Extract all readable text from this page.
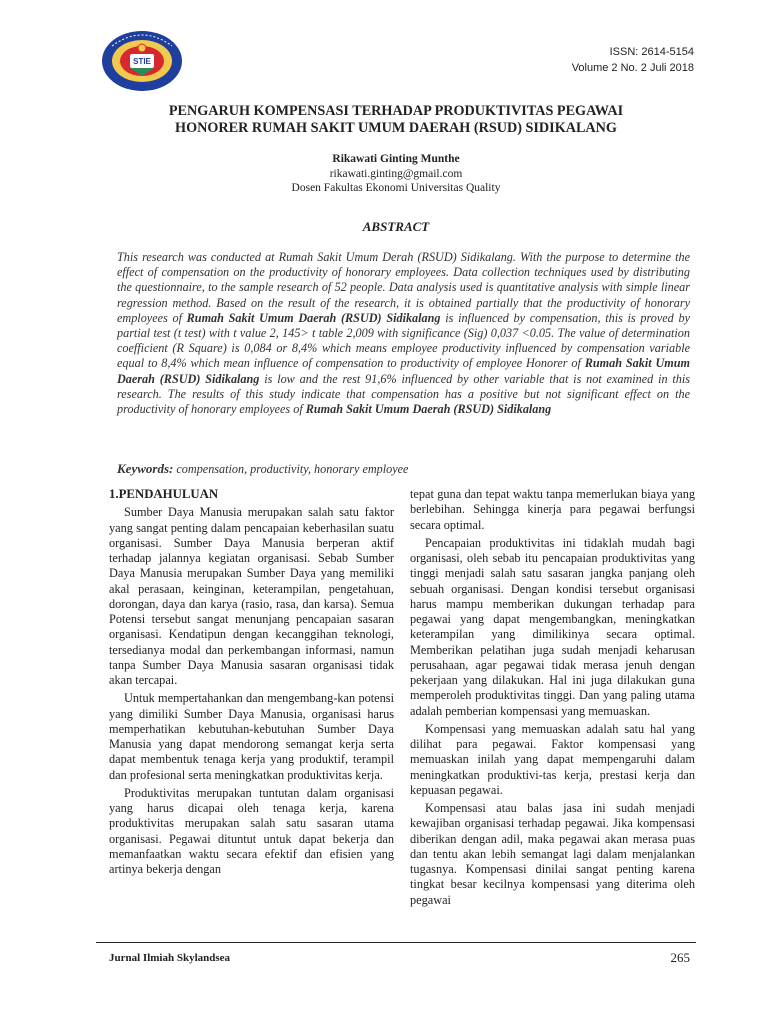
STIE
ISSN: 2614-5154
Volume 2 No. 2 Juli 2018
PENGARUH KOMPENSASI TERHADAP PRODUKTIVITAS PEGAWAI
HONORER RUMAH SAKIT UMUM DAERAH (RSUD) SIDIKALANG
Rikawati Ginting Munthe
rikawati.ginting@gmail.com
Dosen Fakultas Ekonomi Universitas Quality
ABSTRACT
This research was conducted at Rumah Sakit Umum Derah (RSUD) Sidikalang. With the purpose to determine the effect of compensation on the productivity of honorary employees. Data collection techniques used by distributing the questionnaire, to the sample research of 52 people. Data analysis used is quantitative analysis with simple linear regression method. Based on the result of the research, it is obtained partially that the productivity of honorary employees of Rumah Sakit Umum Daerah (RSUD) Sidikalang is influenced by compensation, this is proved by partial test (t test) with t value 2, 145> t table 2,009 with significance (Sig) 0,037 <0.05. The value of determination coefficient (R Square) is 0,084 or 8,4% which means employee productivity influenced by compensation variable equal to 8,4% which mean influence of compensation to productivity of employee Honorer of Rumah Sakit Umum Daerah (RSUD) Sidikalang is low and the rest 91,6% influenced by other variable that is not examined in this research. The results of this study indicate that compensation has a positive but not significant effect on the productivity of honorary employees of Rumah Sakit Umum Daerah (RSUD) Sidikalang
Keywords: compensation, productivity, honorary employee

1.PENDAHULUAN

Sumber Daya Manusia merupakan salah satu faktor yang sangat penting dalam pencapaian keberhasilan suatu organisasi. Sumber Daya Manusia berperan aktif terhadap jalannya kegiatan organisasi. Sebab Sumber Daya Manusia merupakan Sumber Daya yang memiliki akal perasaan, keinginan, keterampilan, pengetahuan, dorongan, daya dan karya (rasio, rasa, dan karsa). Semua Potensi tersebut sangat menunjang pencapaian sasaran organisasi. Kendatipun dengan kecanggihan teknologi, tersedianya modal dan perkembangan informasi, namun tanpa Sumber Daya Manusia sasaran organisasi tidak akan tercapai.

Untuk mempertahankan dan mengembang-kan potensi yang dimiliki Sumber Daya Manusia, organisasi harus memperhatikan kebutuhan-kebutuhan Sumber Daya Manusia yang dapat mendorong semangat kerja serta dapat membentuk tenaga kerja yang produktif, terampil dan profesional serta meningkatkan produktivitas kerja.

Produktivitas merupakan tuntutan dalam organisasi yang harus dicapai oleh tenaga kerja, karena produktivitas merupakan salah satu sasaran utama organisasi. Pegawai dituntut untuk dapat bekerja dan memanfaatkan waktu secara efektif dan efisien yang artinya bekerja dengan

tepat guna dan tepat waktu tanpa memerlukan biaya yang berlebihan. Sehingga kinerja para pegawai berfungsi secara optimal.

Pencapaian produktivitas ini tidaklah mudah bagi organisasi, oleh sebab itu pencapaian produktivitas yang tinggi menjadi salah satu sasaran jangka panjang oleh sebuah organisasi. Dengan kondisi tersebut organisasi harus mampu memberikan dukungan terhadap para pegawai yang dapat mengembangkan, meningkatkan keterampilan yang dimilikinya secara optimal. Memberikan pelatihan juga sudah menjadi keharusan perusahaan, agar pegawai tidak merasa jenuh dengan pekerjaan yang dilakukan. Hal ini juga dilakukan guna memperoleh produktivitas tinggi. Dan yang paling utama adalah pemberian kompensasi yang memuaskan.

Kompensasi yang memuaskan adalah satu hal yang dilihat para pegawai. Faktor kompensasi yang memuaskan inilah yang dapat mempengaruhi dalam meningkatkan produktivi-tas kerja, prestasi kerja dan kepuasan pegawai.

Kompensasi atau balas jasa ini sudah menjadi kewajiban organisasi terhadap pegawai. Jika kompensasi diberikan dengan adil, maka pegawai akan merasa puas dan tentu akan lebih semangat lagi dalam menjalankan tugasnya. Kompensasi dinilai sangat penting karena tingkat besar kecilnya kompensasi yang diterima oleh pegawai

Jurnal Ilmiah Skylandsea	265
